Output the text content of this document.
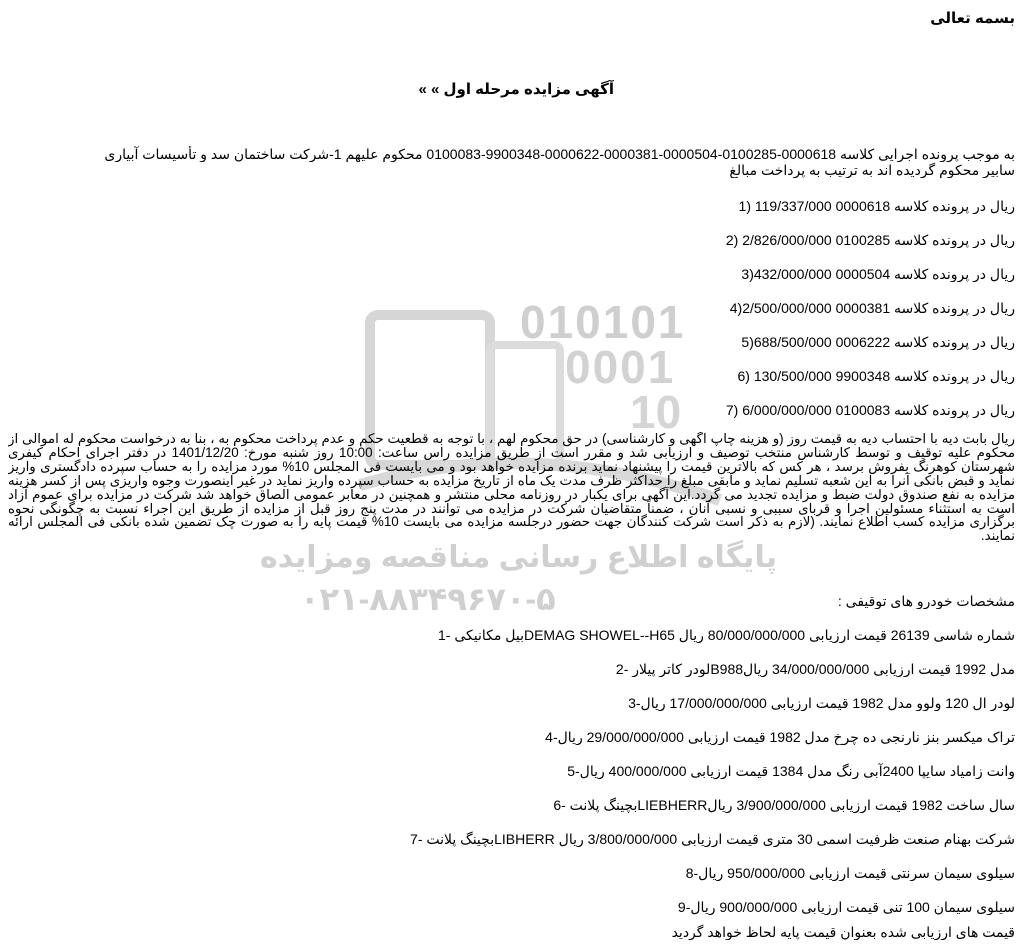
010101
0001
10
پایگاه اطلاع رسانی مناقصه ومزایده
۰۲۱-۸۸۳۴۹۶۷۰-۵
بسمه تعالی
آگهی مزایده مرحله اول » »
به موجب پرونده اجرایی کلاسه 0000618-0100285-0000504-0000381-0000622-9900348-0100083 محکوم علیهم 1-شرکت ساختمان سد و تأسیسات آبیاری
سابیر محکوم گردیده اند به ترتیب به پرداخت مبالغ
ریال در پرونده کلاسه 0000618 119/337/000 (1
ریال در پرونده کلاسه 0100285 2/826/000/000 (2
ریال در پرونده کلاسه 0000504 432/000/000(3
ریال در پرونده کلاسه 0000381 2/500/000/000(4
ریال در پرونده کلاسه 0006222 688/500/000(5
ریال در پرونده کلاسه 9900348 130/500/000 (6
ریال در پرونده کلاسه 0100083 6/000/000/000 (7
ریال بابت دیه با احتساب دیه به قیمت روز (و هزینه چاپ آگهی و کارشناسی) در حق محکوم لهم ، با توجه به قطعیت حکم و عدم پرداخت محکوم به ، بنا به درخواست محکوم له اموالی از محکوم علیه توقیف و توسط کارشناس منتخب توصیف و ارزیابی شد و مقرر است از طریق مزایده راس ساعت: 10:00 روز شنبه مورخ: 1401/12/20 در دفتر اجرای احکام کیفری شهرستان کوهرنگ بفروش برسد ، هر کس که بالاترین قیمت را پیشنهاد نماید برنده مزایده خواهد بود و می بایست فی المجلس 10% مورد مزایده را به حساب سپرده دادگستری واریز نماید و قبض بانکی آنرا به این شعبه تسلیم نماید و مابقی مبلغ را حداکثر ظرف مدت یک ماه از تاریخ مزایده به حساب سپرده واریز نماید در غیر اینصورت وجوه واریزی پس از کسر هزینه مزایده به نفع صندوق دولت ضبط و مزایده تجدید می گردد.این آگهی برای یکبار در روزنامه محلی منتشر و همچنین در معابر عمومی الصاق خواهد شد شرکت در مزایده برای عموم آزاد است به استثناء مسئولین اجرا و قربای سببی و نسبی آنان ، ضمناً متقاضیان شرکت در مزایده می توانند در مدت پنج روز قبل از مزایده از طریق این اجراء نسبت به چگونگی نحوه برگزاری مزایده کسب اطلاع نمایند. (لازم به ذکر است شرکت کنندگان جهت حضور درجلسه مزایده می بایست 10% قیمت پایه را به صورت چک تضمین شده بانکی فی المجلس ارائه نمایند.
مشخصات خودرو های توقیفی :
شماره شاسی 26139 قیمت ارزیابی 80/000/000/000 ریال DEMAG SHOWEL--H65بیل مکانیکی -1
مدل 1992 قیمت ارزیابی 34/000/000/000 ریالB988لودر کاتر پیلار -2
لودر ال 120 ولوو مدل 1982 قیمت ارزیابی 17/000/000/000 ریال-3
تراک میکسر بنز نارنجی ده چرخ مدل 1982 قیمت ارزیابی 29/000/000/000 ریال-4
وانت زامیاد سایپا 2400آبی رنگ مدل 1384 قیمت ارزیابی 400/000/000 ریال-5
سال ساخت 1982 قیمت ارزیابی 3/900/000/000 ریالLIEBHERRبچینگ پلانت -6
شرکت بهنام صنعت ظرفیت اسمی 30 متری قیمت ارزیابی 3/800/000/000 ریال LIBHERRبچینگ پلانت -7
سیلوی سیمان سرنتی قیمت ارزیابی 950/000/000 ریال-8
سیلوی سیمان 100 تنی قیمت ارزیابی 900/000/000 ریال-9
قیمت های ارزیابی شده بعنوان قیمت پایه لحاظ خواهد گردید
